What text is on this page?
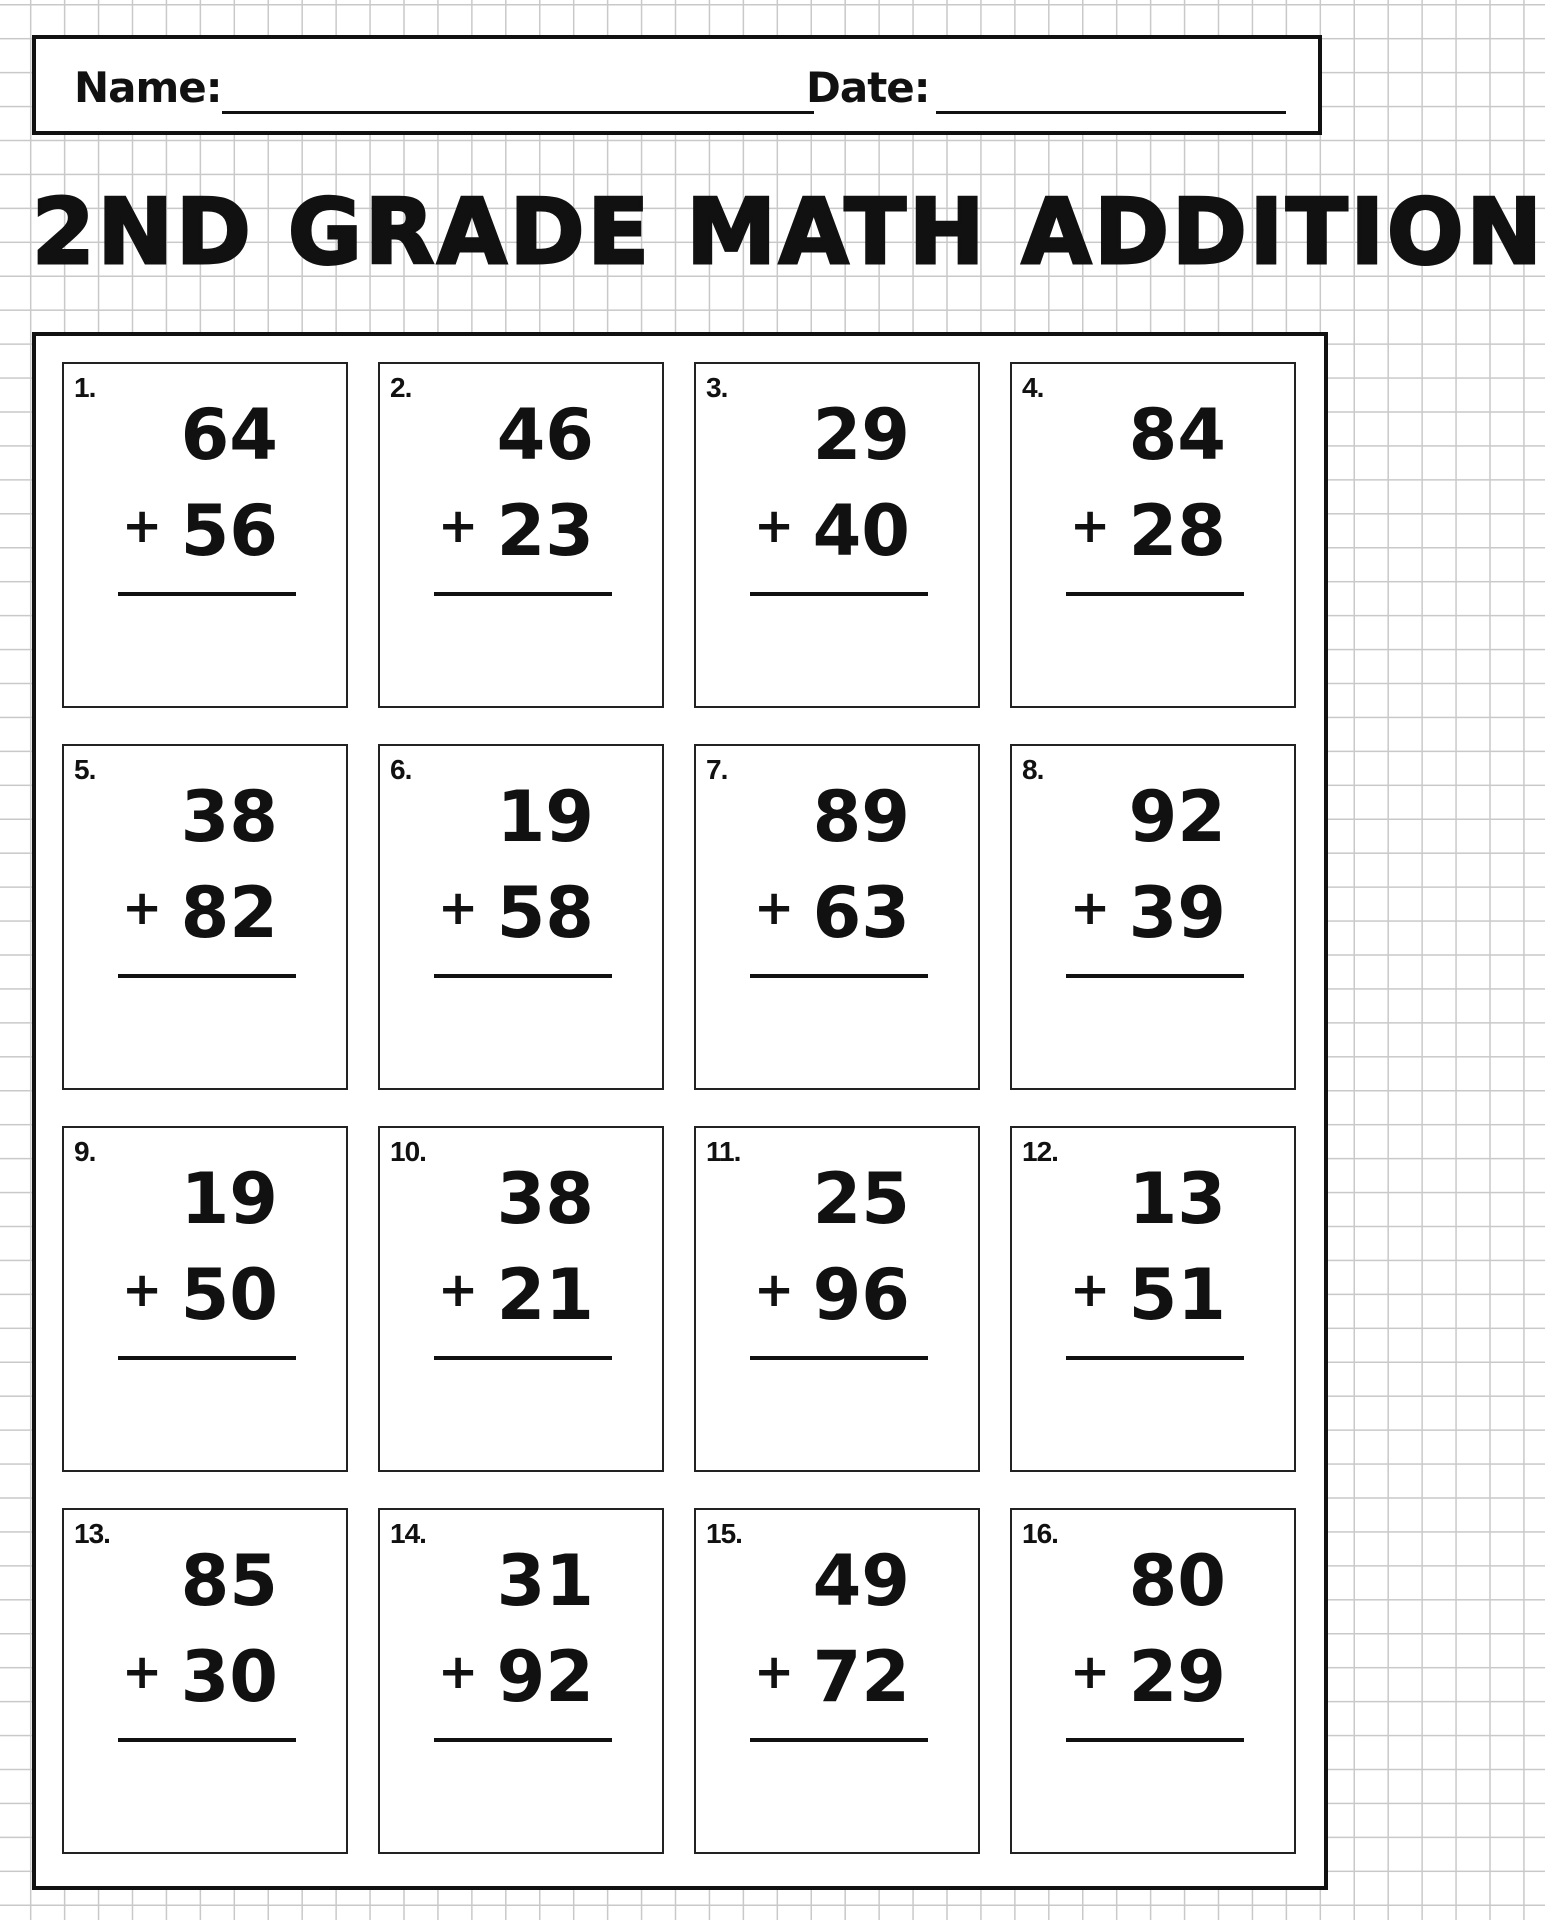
Name:	Date:
2ND GRADE MATH ADDITION
1.
64
+ 56
2.
46
+ 23
3.
29
+ 40
4.
84
+ 28
5.
38
+ 82
6.
19
+ 58
7.
89
+ 63
8.
92
+ 39
9.
19
+ 50
10.
38
+ 21
11.
25
+ 96
12.
13
+ 51
13.
85
+ 30
14.
31
+ 92
15.
49
+ 72
16.
80
+ 29
